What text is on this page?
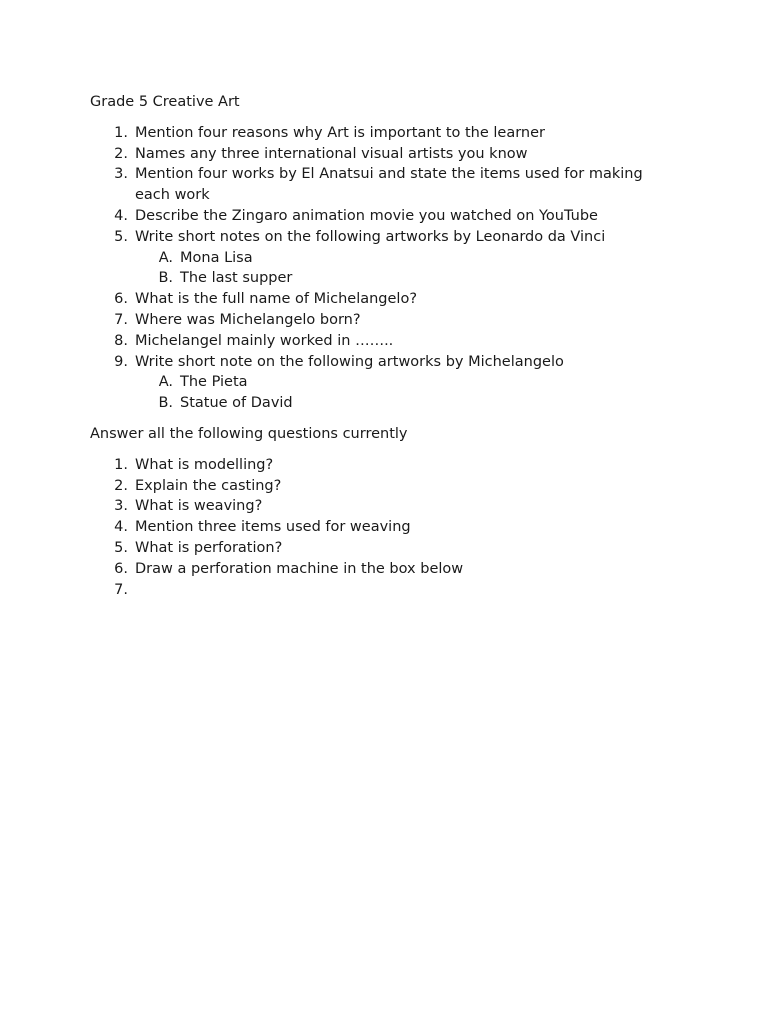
Grade 5 Creative Art
1. Mention four reasons why Art is important to the learner
2. Names any three international visual artists you know
3. Mention four works by El Anatsui and state the items used for making each work
4. Describe the Zingaro animation movie you watched on YouTube
5. Write short notes on the following artworks by Leonardo da Vinci
A. Mona Lisa
B. The last supper
6. What is the full name of Michelangelo?
7. Where was Michelangelo born?
8. Michelangel mainly worked in ……..
9. Write short note on the following artworks by Michelangelo
A. The Pieta
B. Statue of David
Answer all the following questions currently
1. What is modelling?
2. Explain the casting?
3. What is weaving?
4. Mention three items used for weaving
5. What is perforation?
6. Draw a perforation machine in the box below
7.
